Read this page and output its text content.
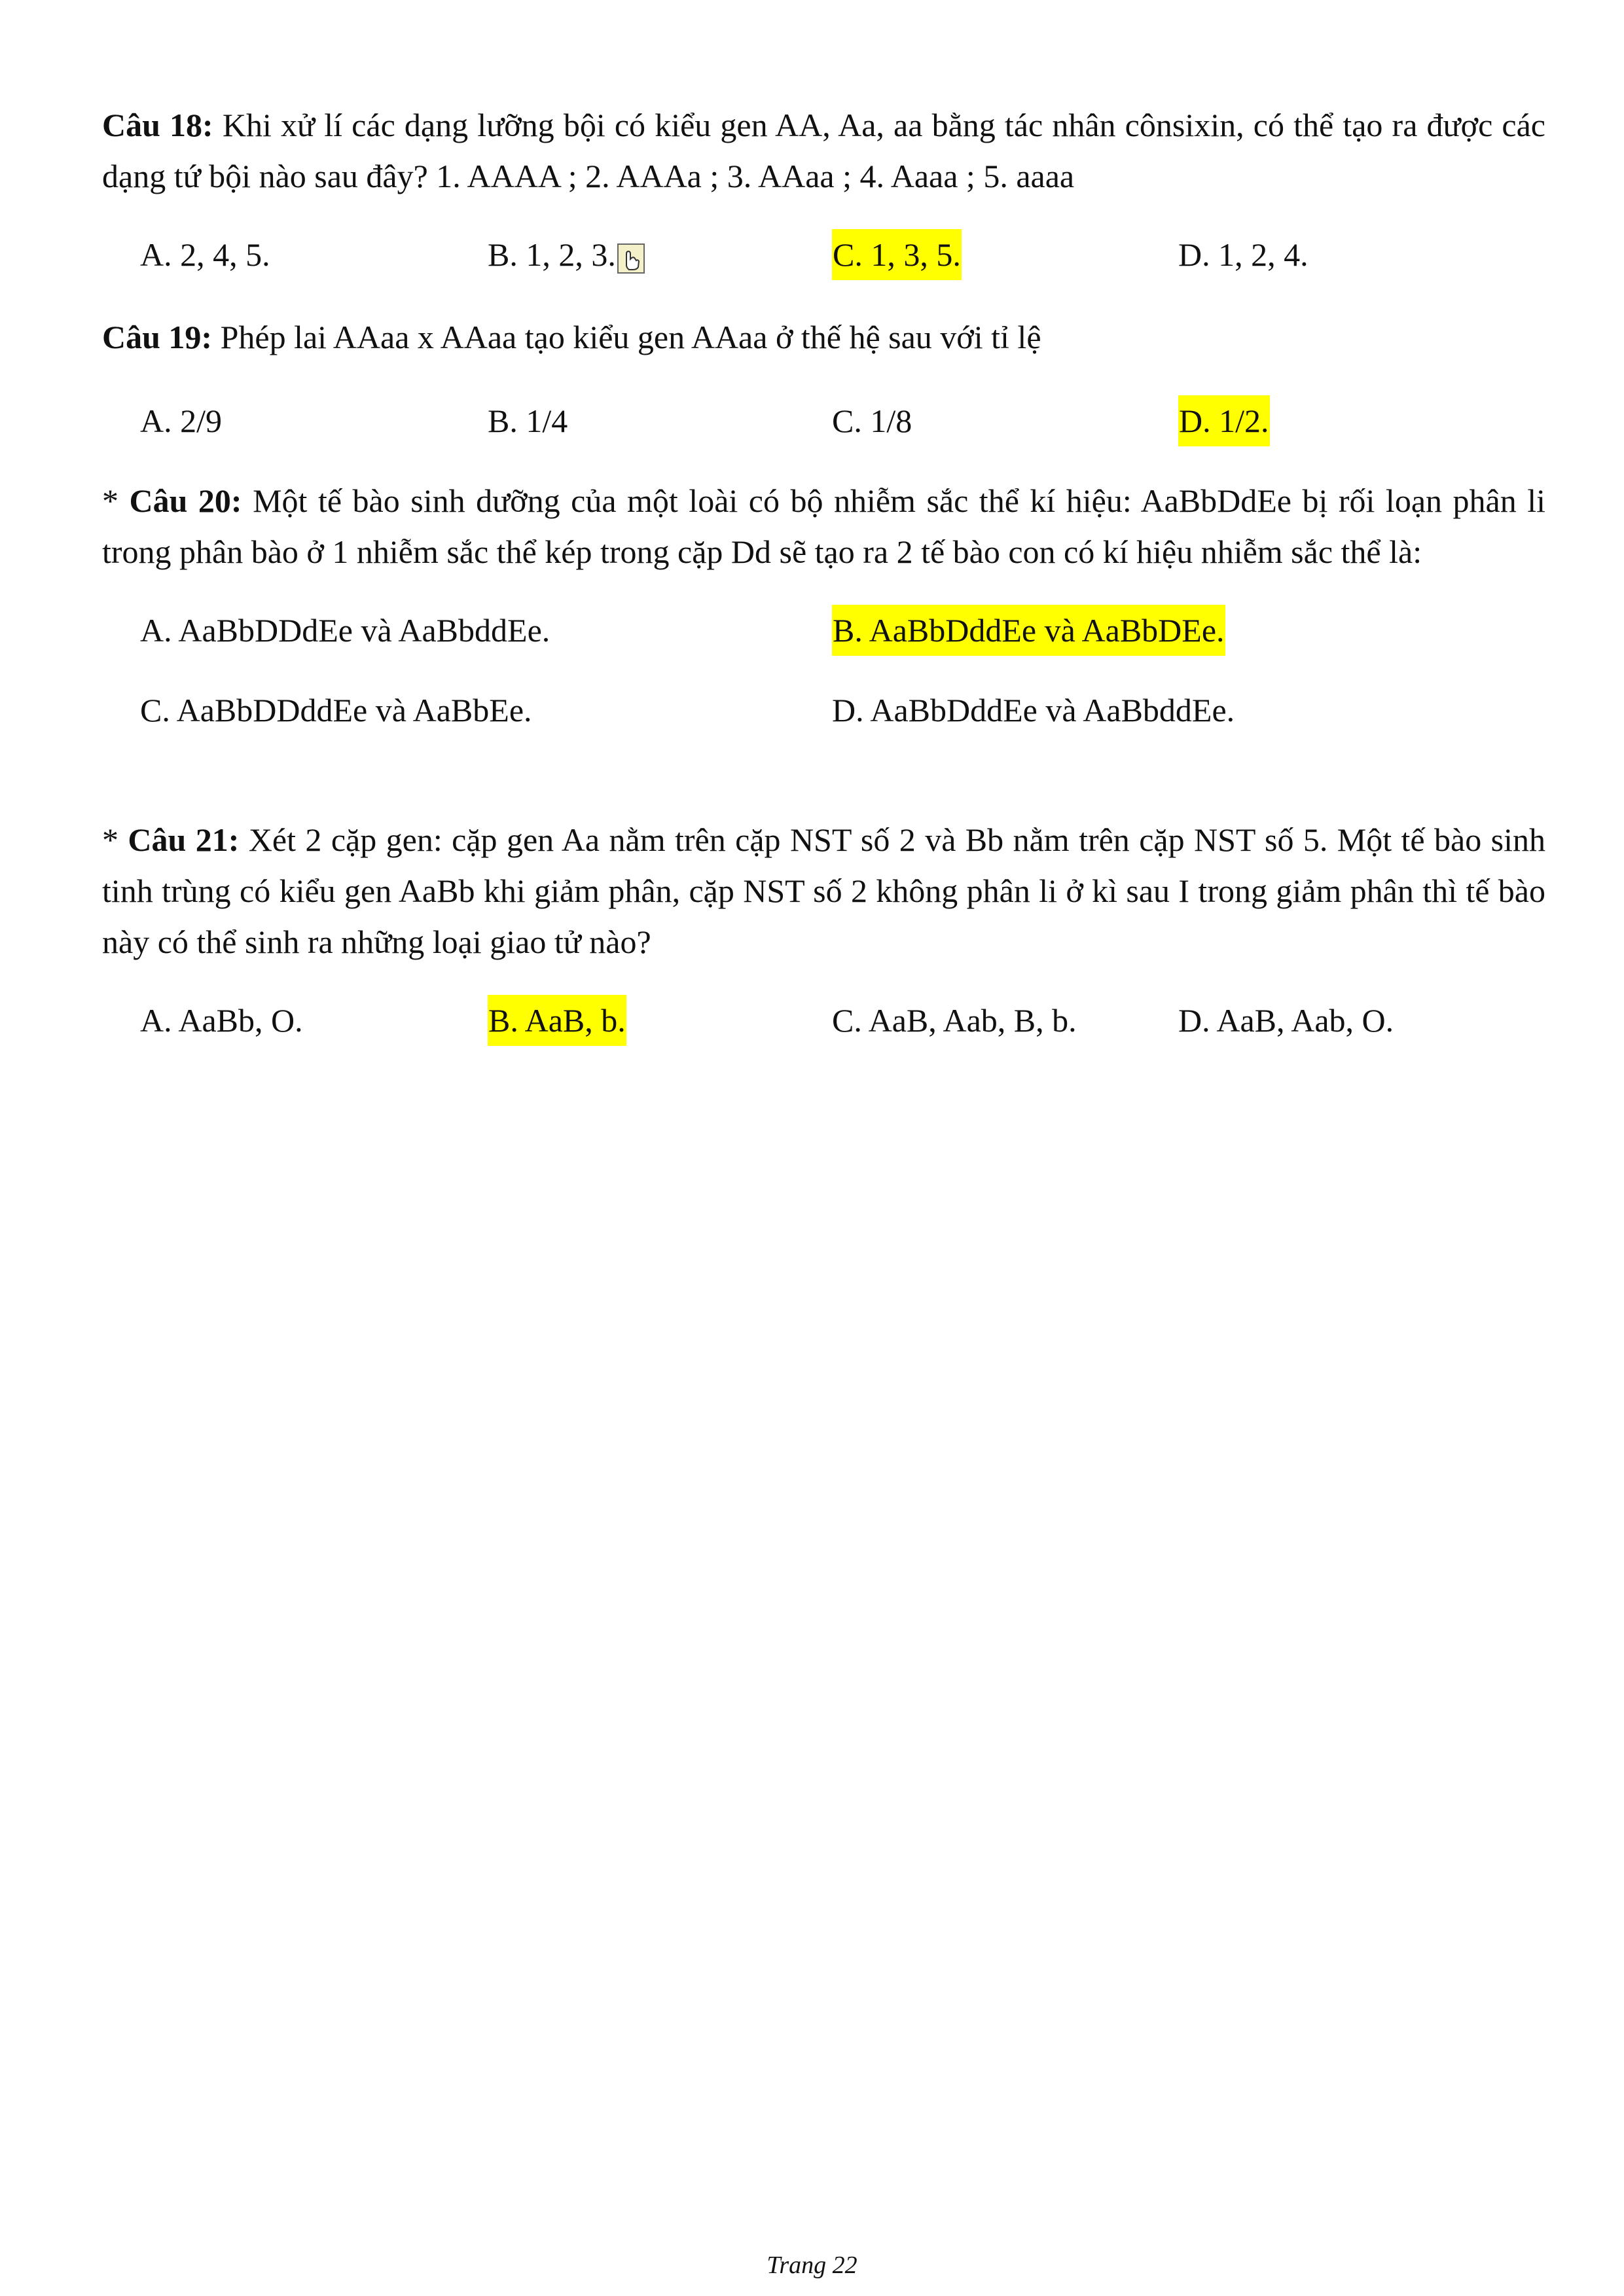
Câu 18: Khi xử lí các dạng lưỡng bội có kiểu gen AA, Aa, aa bằng tác nhân cônsixin, có thể tạo ra được các dạng tứ bội nào sau đây? 1. AAAA ; 2. AAAa ; 3. AAaa ; 4. Aaaa ; 5. aaaa

A. 2, 4, 5.	B. 1, 2, 3.	C. 1, 3, 5.	D. 1, 2, 4.

Câu 19: Phép lai AAaa x AAaa tạo kiểu gen AAaa ở thế hệ sau với tỉ lệ

A. 2/9	B. 1/4	C. 1/8	D. 1/2.

* Câu 20: Một tế bào sinh dưỡng của một loài có bộ nhiễm sắc thể kí hiệu: AaBbDdEe bị rối loạn phân li trong phân bào ở 1 nhiễm sắc thể kép trong cặp Dd sẽ tạo ra 2 tế bào con có kí hiệu nhiễm sắc thể là:

A. AaBbDDdEe và AaBbddEe.	B. AaBbDddEe và AaBbDEe.
C. AaBbDDddEe và AaBbEe.	D. AaBbDddEe và AaBbddEe.

* Câu 21: Xét 2 cặp gen: cặp gen Aa nằm trên cặp NST số 2 và Bb nằm trên cặp NST số 5. Một tế bào sinh tinh trùng có kiểu gen AaBb khi giảm phân, cặp NST số 2 không phân li ở kì sau I trong giảm phân thì tế bào này có thể sinh ra những loại giao tử nào?

A. AaBb, O.	B. AaB, b.	C. AaB, Aab, B, b.	D. AaB, Aab, O.
Trang 22
